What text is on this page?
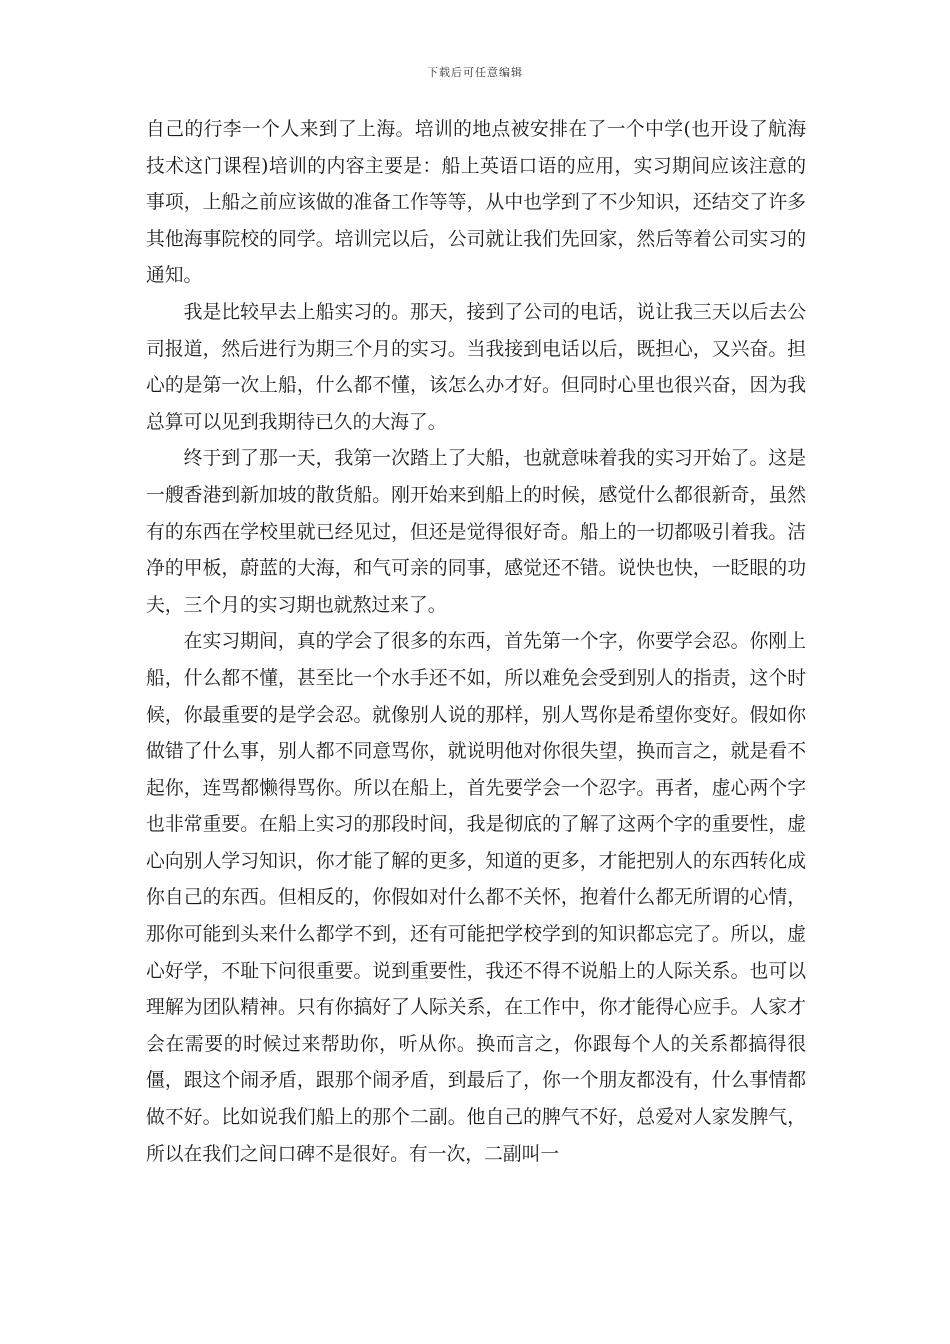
下载后可任意编辑

自己的行李一个人来到了上海。培训的地点被安排在了一个中学(也开设了航海技术这门课程)培训的内容主要是：船上英语口语的应用，实习期间应该注意的事项，上船之前应该做的准备工作等等，从中也学到了不少知识，还结交了许多其他海事院校的同学。培训完以后，公司就让我们先回家，然后等着公司实习的通知。

我是比较早去上船实习的。那天，接到了公司的电话，说让我三天以后去公司报道，然后进行为期三个月的实习。当我接到电话以后，既担心，又兴奋。担心的是第一次上船，什么都不懂，该怎么办才好。但同时心里也很兴奋，因为我总算可以见到我期待已久的大海了。

终于到了那一天，我第一次踏上了大船，也就意味着我的实习开始了。这是一艘香港到新加坡的散货船。刚开始来到船上的时候，感觉什么都很新奇，虽然有的东西在学校里就已经见过，但还是觉得很好奇。船上的一切都吸引着我。洁净的甲板，蔚蓝的大海，和气可亲的同事，感觉还不错。说快也快，一眨眼的功夫，三个月的实习期也就熬过来了。

在实习期间，真的学会了很多的东西，首先第一个字，你要学会忍。你刚上船，什么都不懂，甚至比一个水手还不如，所以难免会受到别人的指责，这个时候，你最重要的是学会忍。就像别人说的那样，别人骂你是希望你变好。假如你做错了什么事，别人都不同意骂你，就说明他对你很失望，换而言之，就是看不起你，连骂都懒得骂你。所以在船上，首先要学会一个忍字。再者，虚心两个字也非常重要。在船上实习的那段时间，我是彻底的了解了这两个字的重要性，虚心向别人学习知识，你才能了解的更多，知道的更多，才能把别人的东西转化成你自己的东西。但相反的，你假如对什么都不关怀，抱着什么都无所谓的心情，那你可能到头来什么都学不到，还有可能把学校学到的知识都忘完了。所以，虚心好学，不耻下问很重要。说到重要性，我还不得不说船上的人际关系。也可以理解为团队精神。只有你搞好了人际关系，在工作中，你才能得心应手。人家才会在需要的时候过来帮助你，听从你。换而言之，你跟每个人的关系都搞得很僵，跟这个闹矛盾，跟那个闹矛盾，到最后了，你一个朋友都没有，什么事情都做不好。比如说我们船上的那个二副。他自己的脾气不好，总爱对人家发脾气，所以在我们之间口碑不是很好。有一次，二副叫一
